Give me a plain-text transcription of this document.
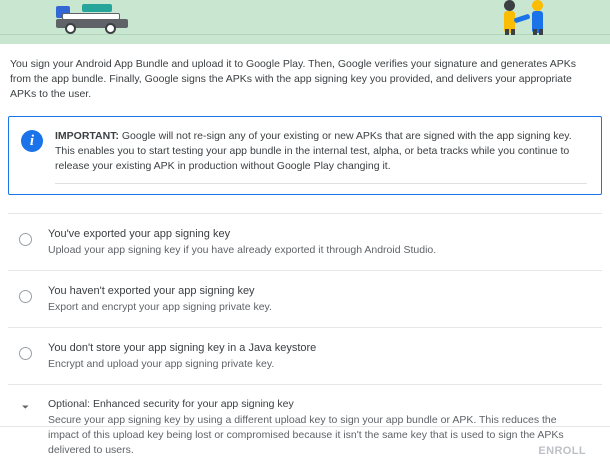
You sign your Android App Bundle and upload it to Google Play. Then, Google verifies your signature and generates APKs from the app bundle. Finally, Google signs the APKs with the app signing key you provided, and delivers your appropriate APKs to the user.
i	IMPORTANT: Google will not re-sign any of your existing or new APKs that are signed with the app signing key. This enables you to start testing your app bundle in the internal test, alpha, or beta tracks while you continue to release your existing APK in production without Google Play changing it.
You've exported your app signing key
Upload your app signing key if you have already exported it through Android Studio.
You haven't exported your app signing key
Export and encrypt your app signing private key.
You don't store your app signing key in a Java keystore
Encrypt and upload your app signing private key.
⏷ Optional: Enhanced security for your app signing key
Secure your app signing key by using a different upload key to sign your app bundle or APK. This reduces the impact of this upload key being lost or compromised because it isn't the same key that is used to sign the APKs delivered to users.	ENROLL
